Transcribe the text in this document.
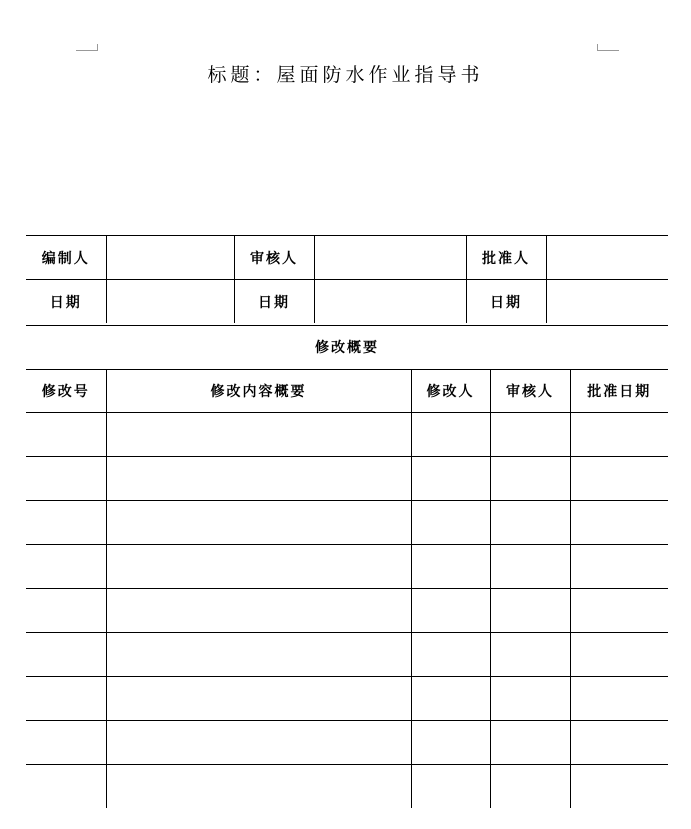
标题：屋面防水作业指导书
编制人		审核人		批准人	
日期		日期		日期	
修改概要
修改号	修改内容概要	修改人	审核人	批准日期
